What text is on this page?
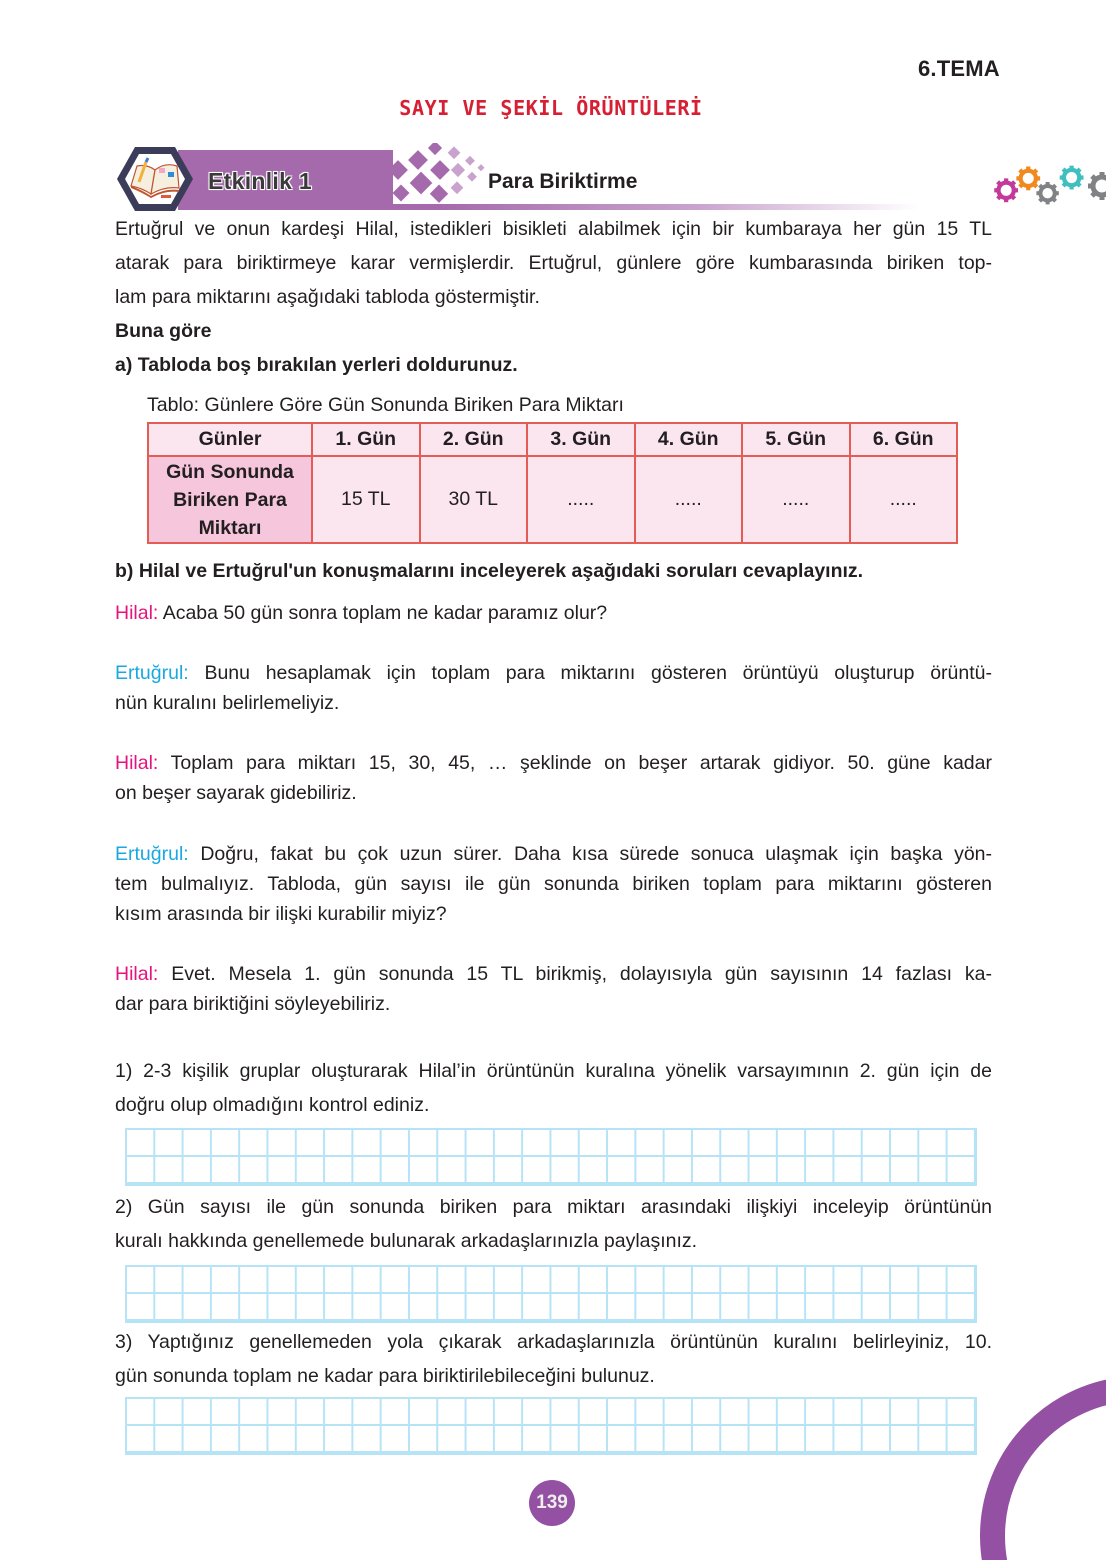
6.TEMA
SAYI VE ŞEKİL ÖRÜNTÜLERİ
Etkinlik 1	Para Biriktirme
Ertuğrul ve onun kardeşi Hilal, istedikleri bisikleti alabilmek için bir kumbaraya her gün 15 TL
atarak para biriktirmeye karar vermişlerdir. Ertuğrul, günlere göre kumbarasında biriken top-
lam para miktarını aşağıdaki tabloda göstermiştir.
Buna göre
a) Tabloda boş bırakılan yerleri doldurunuz.
Tablo: Günlere Göre Gün Sonunda Biriken Para Miktarı
Günler	1. Gün	2. Gün	3. Gün	4. Gün	5. Gün	6. Gün

Gün Sonunda
Biriken Para
Miktarı	15 TL	30 TL	.....	.....	.....	.....
b) Hilal ve Ertuğrul'un konuşmalarını inceleyerek aşağıdaki soruları cevaplayınız.
Hilal: Acaba 50 gün sonra toplam ne kadar paramız olur?
Ertuğrul: Bunu hesaplamak için toplam para miktarını gösteren örüntüyü oluşturup örüntü-
nün kuralını belirlemeliyiz.
Hilal: Toplam para miktarı 15, 30, 45, … şeklinde on beşer artarak gidiyor. 50. güne kadar
on beşer sayarak gidebiliriz.
Ertuğrul: Doğru, fakat bu çok uzun sürer. Daha kısa sürede sonuca ulaşmak için başka yön-
tem bulmalıyız. Tabloda, gün sayısı ile gün sonunda biriken toplam para miktarını gösteren
kısım arasında bir ilişki kurabilir miyiz?
Hilal: Evet. Mesela 1. gün sonunda 15 TL birikmiş, dolayısıyla gün sayısının 14 fazlası ka-
dar para biriktiğini söyleyebiliriz.
1) 2-3 kişilik gruplar oluşturarak Hilal’in örüntünün kuralına yönelik varsayımının 2. gün için de
doğru olup olmadığını kontrol ediniz.
2) Gün sayısı ile gün sonunda biriken para miktarı arasındaki ilişkiyi inceleyip örüntünün
kuralı hakkında genellemede bulunarak arkadaşlarınızla paylaşınız.
3) Yaptığınız genellemeden yola çıkarak arkadaşlarınızla örüntünün kuralını belirleyiniz, 10.
gün sonunda toplam ne kadar para biriktirilebileceğini bulunuz.
139
